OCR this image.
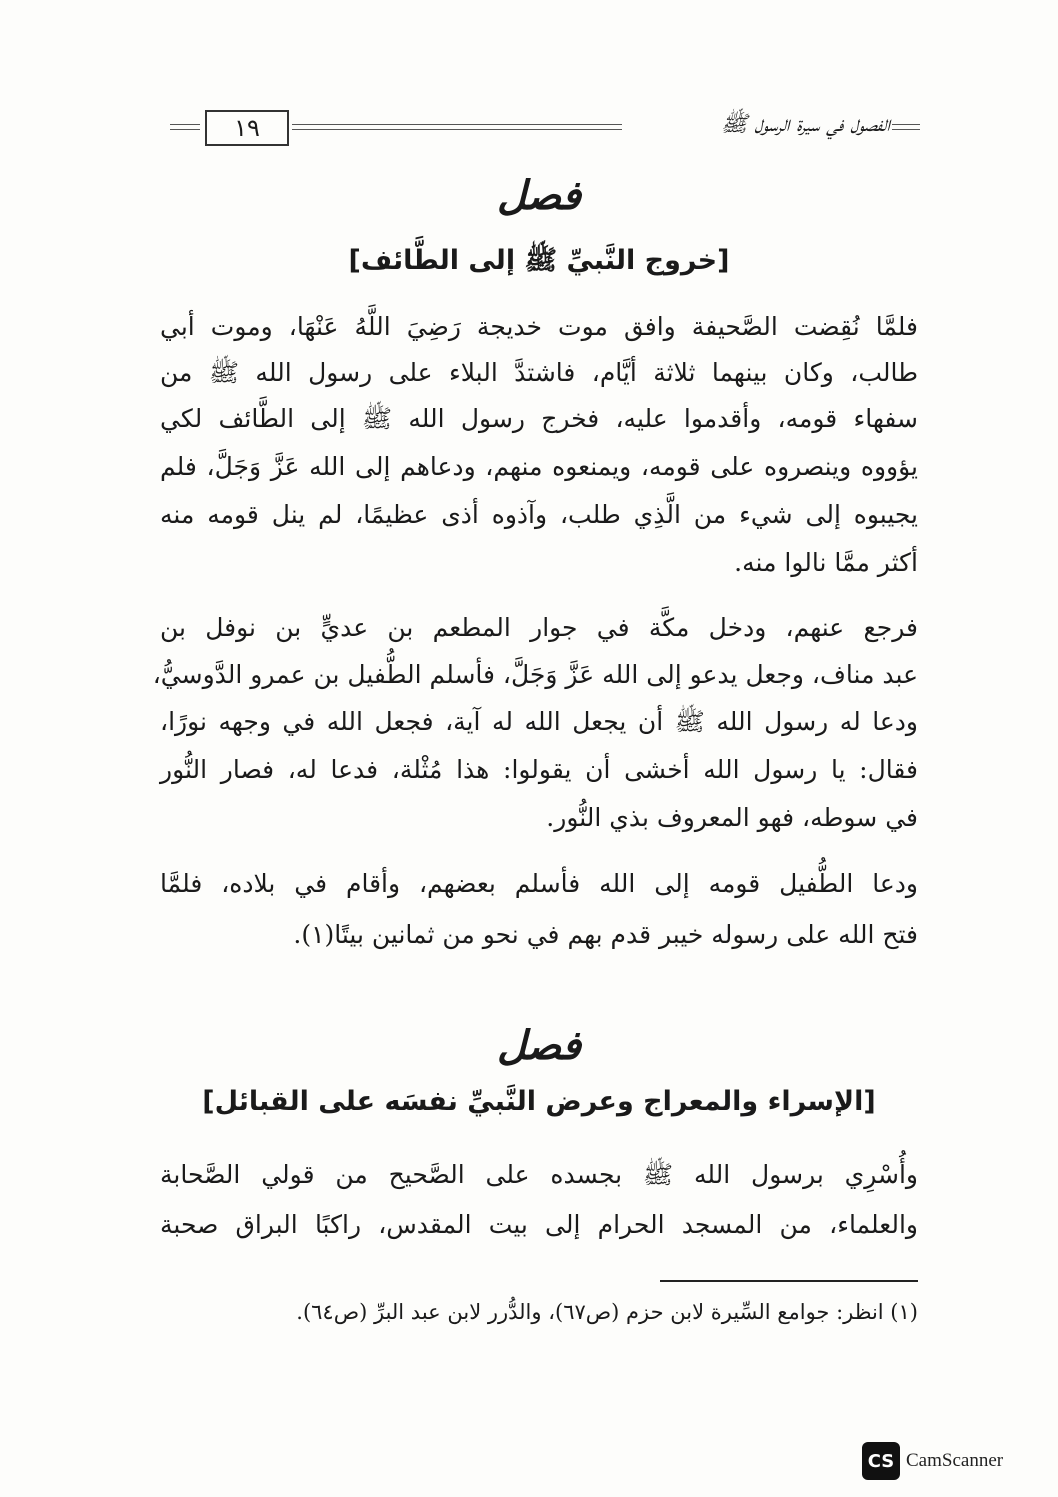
١٩	الفصول في سيرة الرسول ﷺ
فصل
[خروج النَّبيِّ ﷺ إلى الطَّائف]
فلمَّا نُقِضت الصَّحيفة وافق موت خديجة رَضِيَ اللَّهُ عَنْهَا، وموت أبي
طالب، وكان بينهما ثلاثة أيَّام، فاشتدَّ البلاء على رسول الله ﷺ من
سفهاء قومه، وأقدموا عليه، فخرج رسول الله ﷺ إلى الطَّائف لكي
يؤووه وينصروه على قومه، ويمنعوه منهم، ودعاهم إلى الله عَزَّ وَجَلَّ، فلم
يجيبوه إلى شيء من الَّذِي طلب، وآذوه أذى عظيمًا، لم ينل قومه منه
أكثر ممَّا نالوا منه.
فرجع عنهم، ودخل مكَّة في جوار المطعم بن عديٍّ بن نوفل بن
عبد مناف، وجعل يدعو إلى الله عَزَّ وَجَلَّ، فأسلم الطُّفيل بن عمرو الدَّوسيُّ،
ودعا له رسول الله ﷺ أن يجعل الله له آية، فجعل الله في وجهه نورًا،
فقال: يا رسول الله أخشى أن يقولوا: هذا مُثْلة، فدعا له، فصار النُّور
في سوطه، فهو المعروف بذي النُّور.
ودعا الطُّفيل قومه إلى الله فأسلم بعضهم، وأقام في بلاده، فلمَّا
فتح الله على رسوله خيبر قدم بهم في نحو من ثمانين بيتًا(١).
فصل
[الإسراء والمعراج وعرض النَّبيِّ نفسَه على القبائل]
وأُسْرِي برسول الله ﷺ بجسده على الصَّحيح من قولي الصَّحابة
والعلماء، من المسجد الحرام إلى بيت المقدس، راكبًا البراق صحبة
(١) انظر: جوامع السِّيرة لابن حزم (ص٦٧)، والدُّرر لابن عبد البرِّ (ص٦٤).
CS CamScanner
